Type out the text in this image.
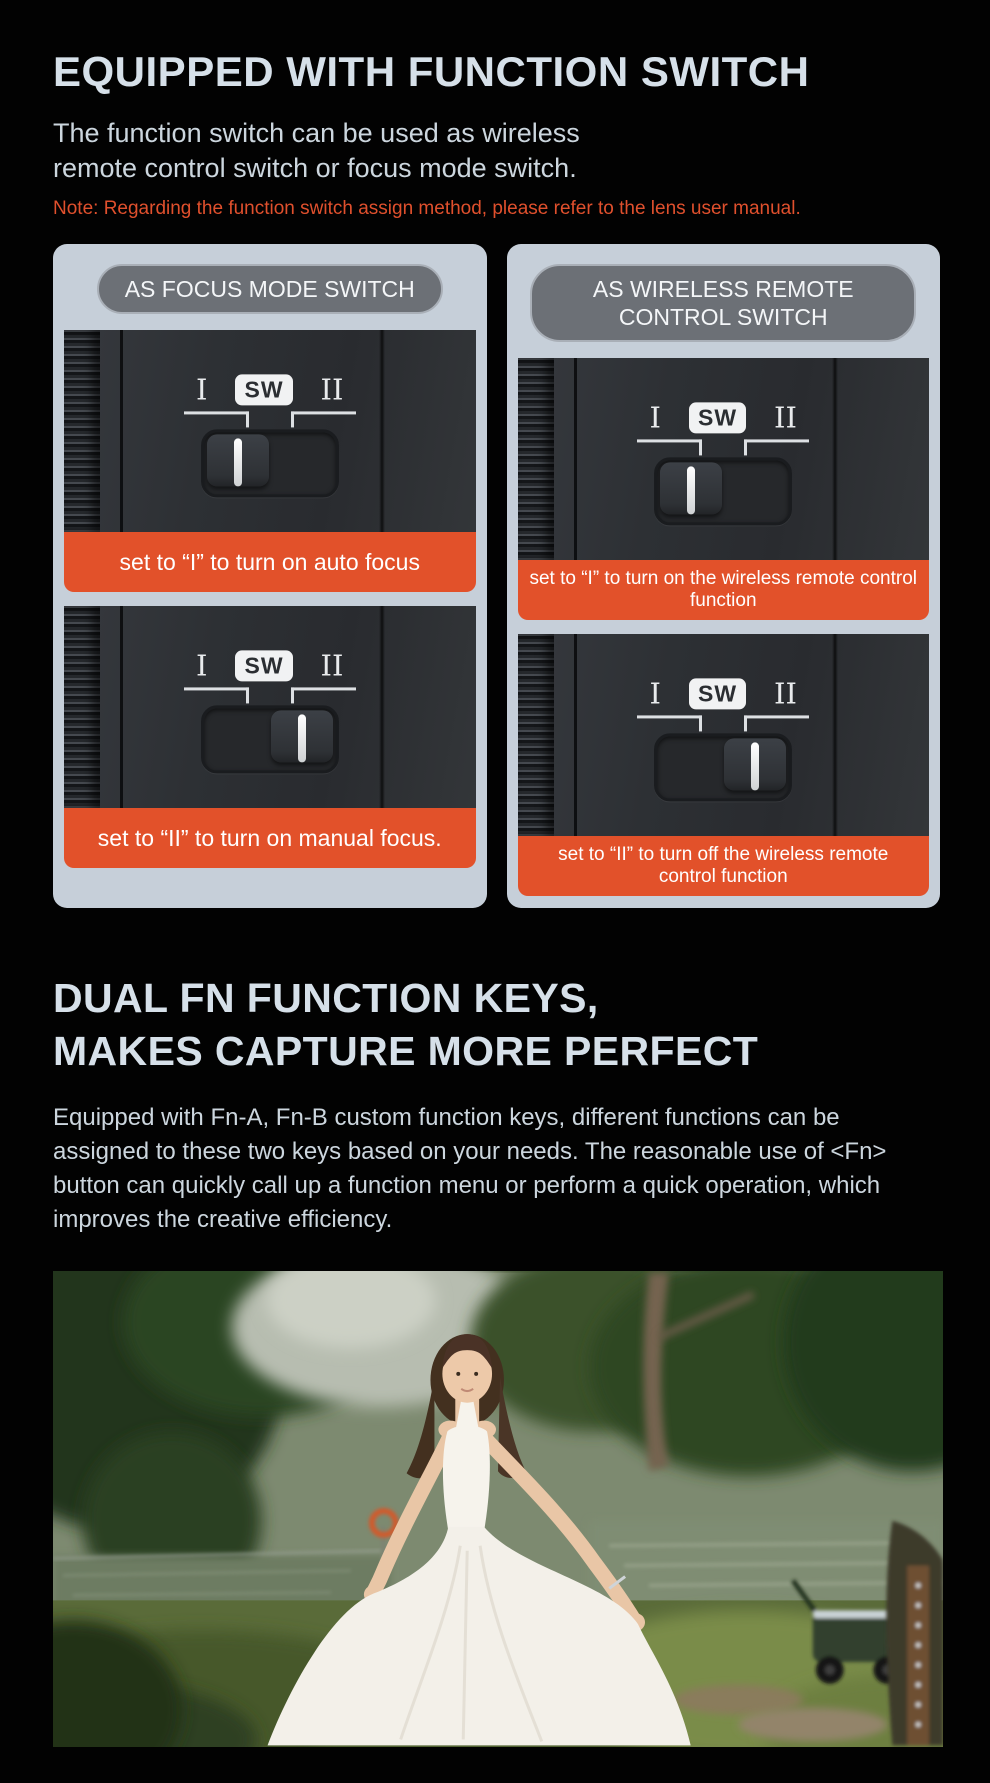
EQUIPPED WITH FUNCTION SWITCH
The function switch can be used as wireless
remote control switch or focus mode switch.
Note: Regarding the function switch assign method, please refer to the lens user manual.
AS FOCUS MODE SWITCH
I	SW	II
set to “I” to turn on auto focus
I	SW	II
set to “II” to turn on manual focus.
AS WIRELESS REMOTE CONTROL SWITCH
I	SW	II
set to “I” to turn on the wireless remote control function
I	SW	II
set to “II” to turn off the wireless remote control function
DUAL FN FUNCTION KEYS,
MAKES CAPTURE MORE PERFECT

Equipped with Fn-A, Fn-B custom function keys, different functions can be assigned to these two keys based on your needs. The reasonable use of <Fn> button can quickly call up a function menu or perform a quick operation, which improves the creative efficiency.
